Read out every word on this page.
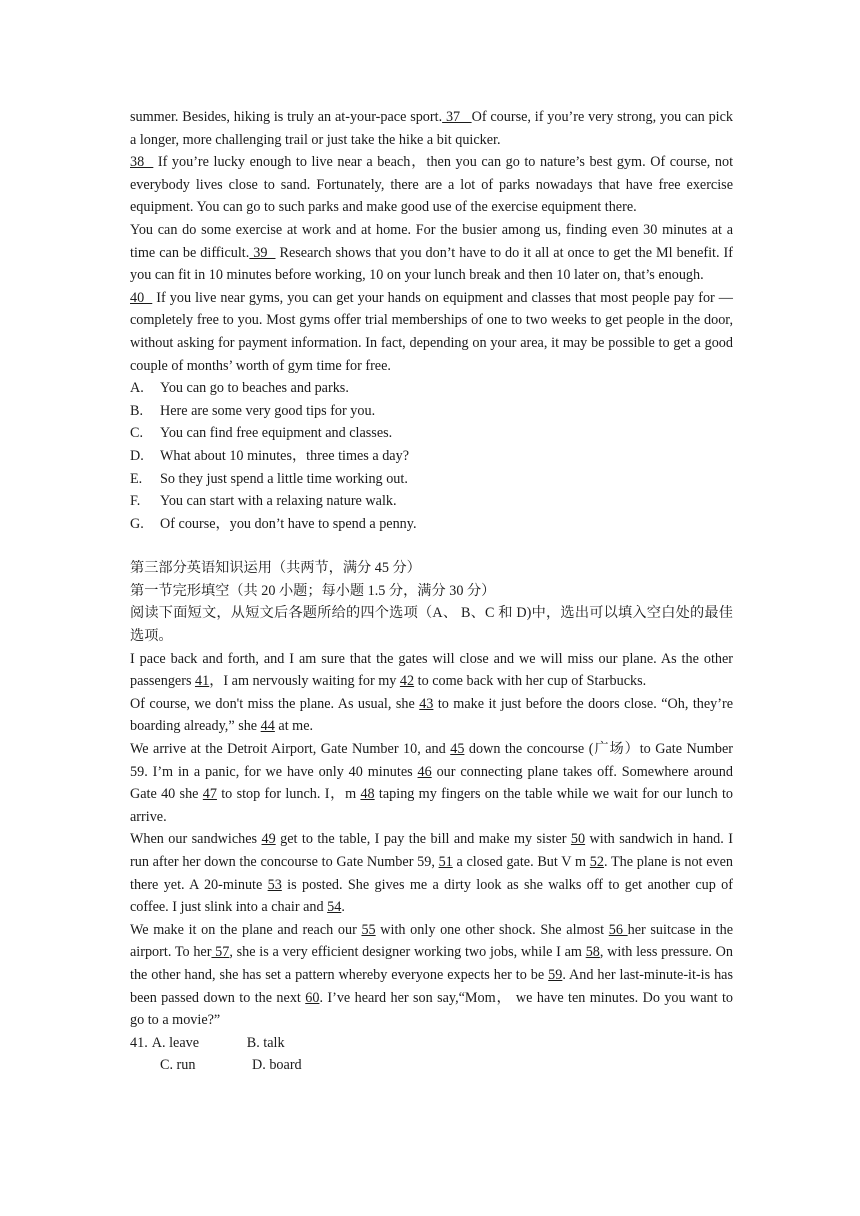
summer. Besides, hiking is truly an at-your-pace sport. 37   Of course, if you’re very strong, you can pick a longer, more challenging trail or just take the hike a bit quicker.

38   If you’re lucky enough to live near a beach，then you can go to nature’s best gym. Of course, not everybody lives close to sand. Fortunately, there are a lot of parks nowadays that have free exercise equipment. You can go to such parks and make good use of the exercise equipment there.

You can do some exercise at work and at home. For the busier among us, finding even 30 minutes at a time can be difficult. 39   Research shows that you don’t have to do it all at once to get the Ml benefit. If you can fit in 10 minutes before working, 10 on your lunch break and then 10 later on, that’s enough.

40   If you live near gyms, you can get your hands on equipment and classes that most people pay for — completely free to you. Most gyms offer trial memberships of one to two weeks to get people in the door, without asking for payment information. In fact, depending on your area, it may be possible to get a good couple of months’ worth of gym time for free.

A.	You can go to beaches and parks.
B.	Here are some very good tips for you.
C.	You can find free equipment and classes.
D.	What about 10 minutes，three times a day?
E.	So they just spend a little time working out.
F.	You can start with a relaxing nature walk.
G.	Of course，you don’t have to spend a penny.

第三部分英语知识运用（共两节，满分 45 分）

第一节完形填空（共 20 小题；每小题 1.5 分，满分 30 分）

阅读下面短文，从短文后各题所给的四个选项（A、 B、C 和 D)中，选出可以填入空白处的最佳选项。

I pace back and forth, and I am sure that the gates will close and we will miss our plane. As the other passengers 41，I am nervously waiting for my 42 to come back with her cup of Starbucks.

Of course, we don't miss the plane. As usual, she 43 to make it just before the doors close. “Oh, they’re boarding already,” she 44 at me.

We arrive at the Detroit Airport, Gate Number 10, and 45 down the concourse (广场）to Gate Number 59. I’m in a panic, for we have only 40 minutes 46 our connecting plane takes off. Somewhere around Gate 40 she 47 to stop for lunch. I，m 48 taping my fingers on the table while we wait for our lunch to arrive.

When our sandwiches 49 get to the table, I pay the bill and make my sister 50 with sandwich in hand. I run after her down the concourse to Gate Number 59, 51 a closed gate. But V m 52. The plane is not even there yet. A 20-minute 53 is posted. She gives me a dirty look as she walks off to get another cup of coffee. I just slink into a chair and 54.

We make it on the plane and reach our 55 with only one other shock. She almost 56 her suitcase in the airport. To her 57, she is a very efficient designer working two jobs, while I am 58, with less pressure. On the other hand, she has set a pattern whereby everyone expects her to be 59. And her last-minute-it-is has been passed down to the next 60. I’ve heard her son say,“Mom， we have ten minutes. Do you want to go to a movie?”

41. A. leave	B. talk
C. run	D. board
